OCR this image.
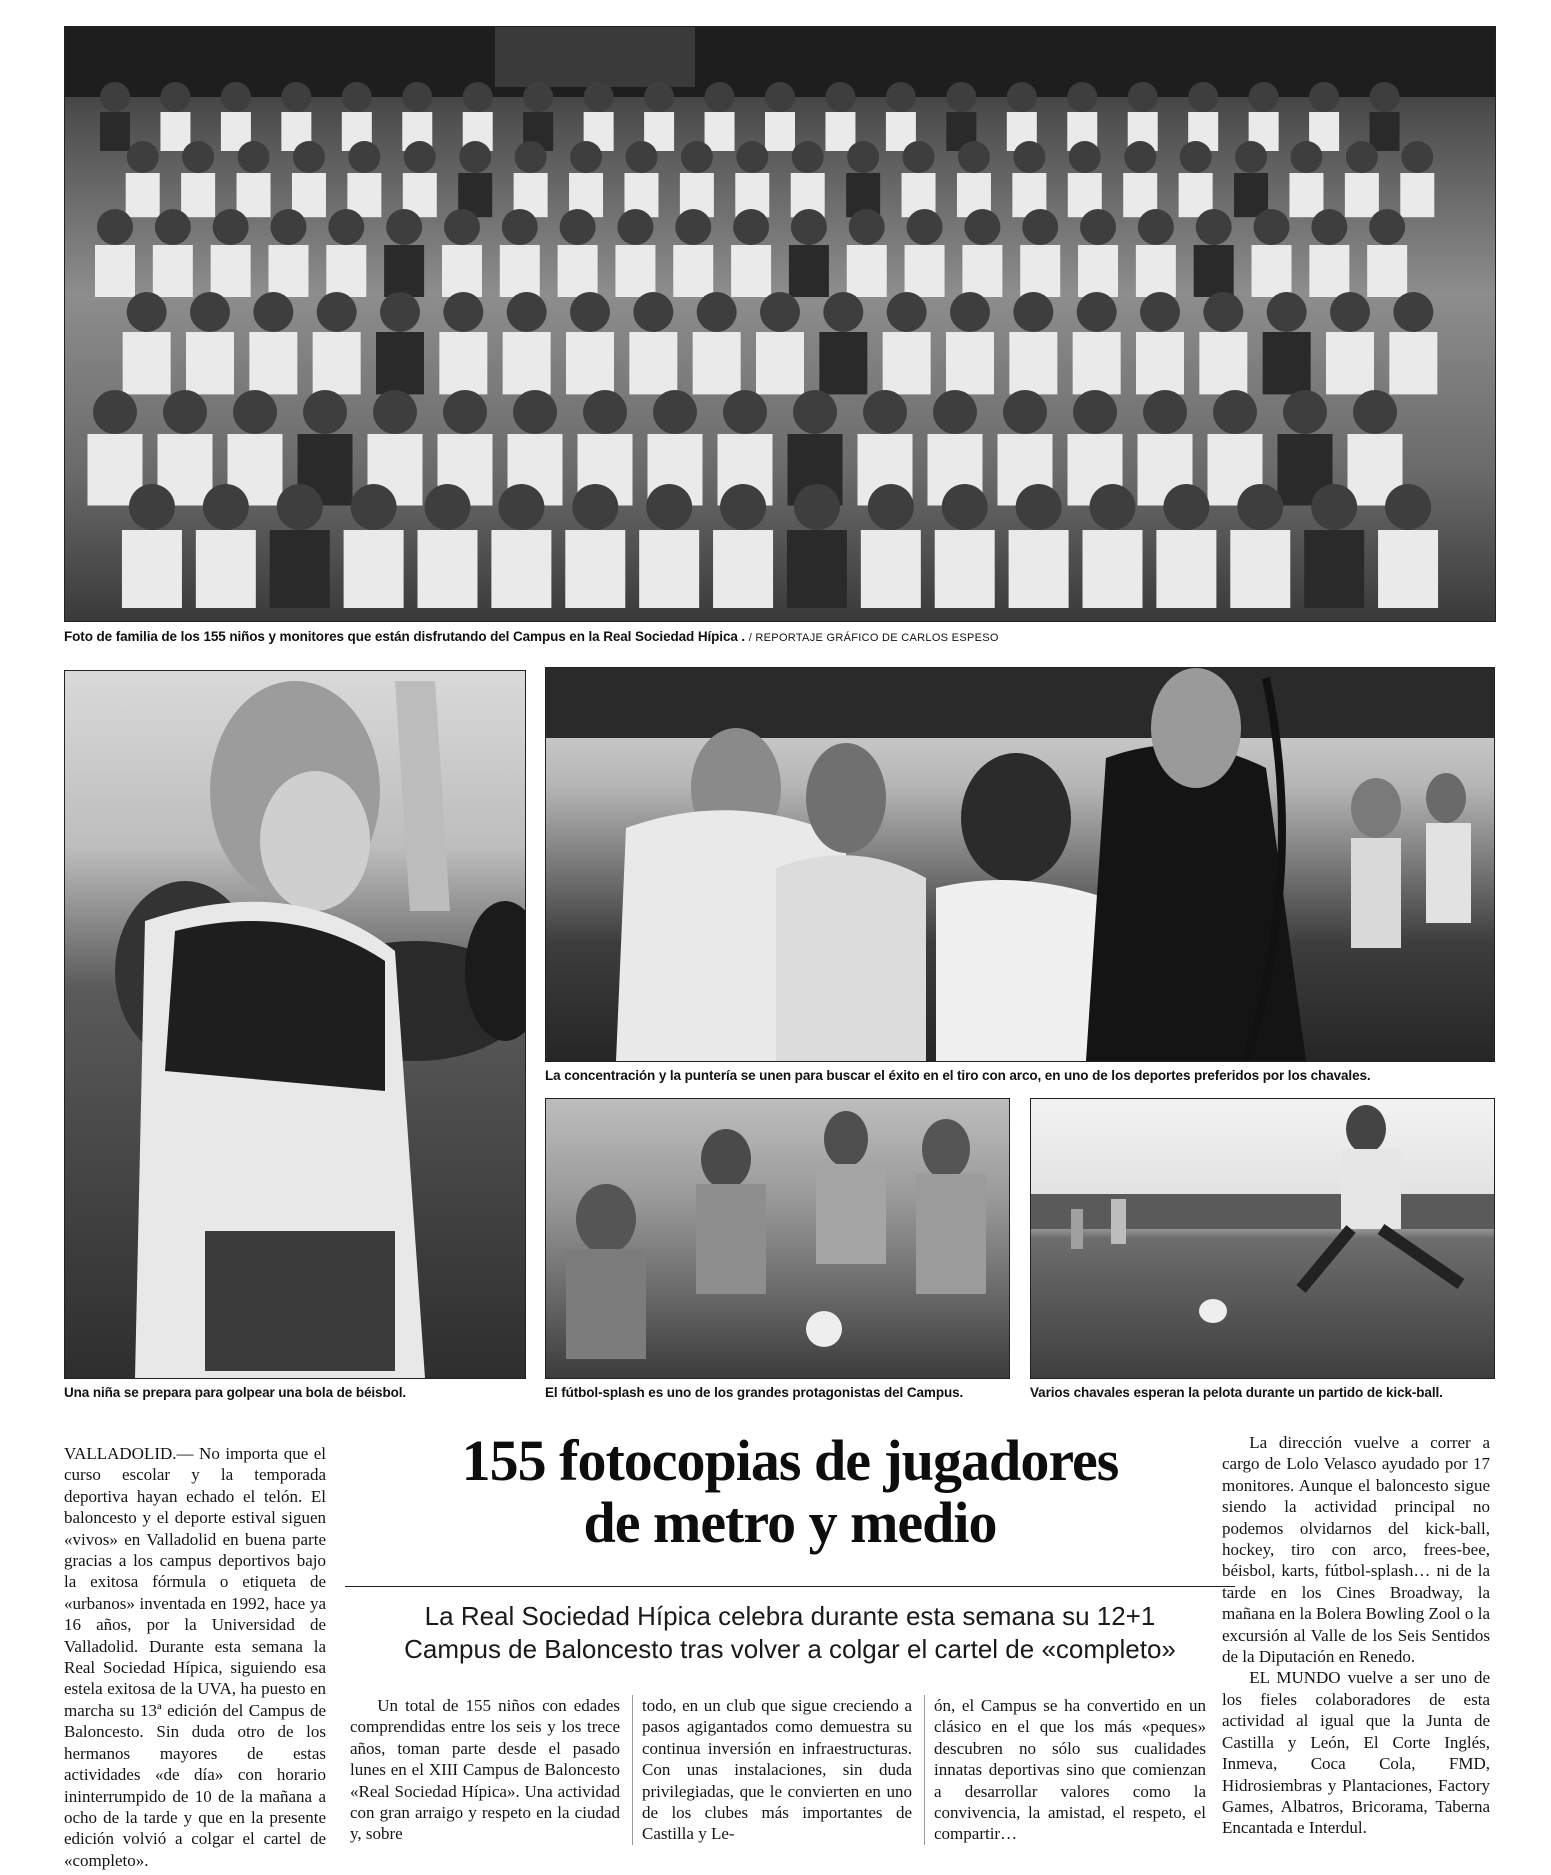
Foto de familia de los 155 niños y monitores que están disfrutando del Campus en la Real Sociedad Hípica . / REPORTAJE GRÁFICO DE CARLOS ESPESO
Una niña se prepara para golpear una bola de béisbol.
La concentración y la puntería se unen para buscar el éxito en el tiro con arco, en uno de los deportes preferidos por los chavales.
El fútbol-splash es uno de los grandes protagonistas del Campus.	Varios chavales esperan la pelota durante un partido de kick-ball.

VALLADOLID.— No importa que el curso escolar y la temporada deportiva hayan echado el telón. El baloncesto y el deporte estival siguen «vivos» en Valladolid en buena parte gracias a los campus deportivos bajo la exitosa fórmula o etiqueta de «urbanos» inventada en 1992, hace ya 16 años, por la Universidad de Valladolid. Durante esta semana la Real Sociedad Hípica, siguiendo esa estela exitosa de la UVA, ha puesto en marcha su 13ª edición del Campus de Baloncesto. Sin duda otro de los hermanos mayores de estas actividades «de día» con horario ininterrumpido de 10 de la mañana a ocho de la tarde y que en la presente edición volvió a colgar el cartel de «completo».

155 fotocopias de jugadores
de metro y medio
La Real Sociedad Hípica celebra durante esta semana su 12+1
Campus de Baloncesto tras volver a colgar el cartel de «completo»

Un total de 155 niños con edades comprendidas entre los seis y los trece años, toman parte desde el pasado lunes en el XIII Campus de Baloncesto «Real Sociedad Hípica». Una actividad con gran arraigo y respeto en la ciudad y, sobre

todo, en un club que sigue creciendo a pasos agigantados como demuestra su continua inversión en infraestructuras. Con unas instalaciones, sin duda privilegiadas, que le convierten en uno de los clubes más importantes de Castilla y Le-

ón, el Campus se ha convertido en un clásico en el que los más «peques» descubren no sólo sus cualidades innatas deportivas sino que comienzan a desarrollar valores como la convivencia, la amistad, el respeto, el compartir…

La dirección vuelve a correr a cargo de Lolo Velasco ayudado por 17 monitores. Aunque el baloncesto sigue siendo la actividad principal no podemos olvidarnos del kick-ball, hockey, tiro con arco, frees-bee, béisbol, karts, fútbol-splash… ni de la tarde en los Cines Broadway, la mañana en la Bolera Bowling Zool o la excursión al Valle de los Seis Sentidos de la Diputación en Renedo.

EL MUNDO vuelve a ser uno de los fieles colaboradores de esta actividad al igual que la Junta de Castilla y León, El Corte Inglés, Inmeva, Coca Cola, FMD, Hidrosiembras y Plantaciones, Factory Games, Albatros, Bricorama, Taberna Encantada e Interdul.
